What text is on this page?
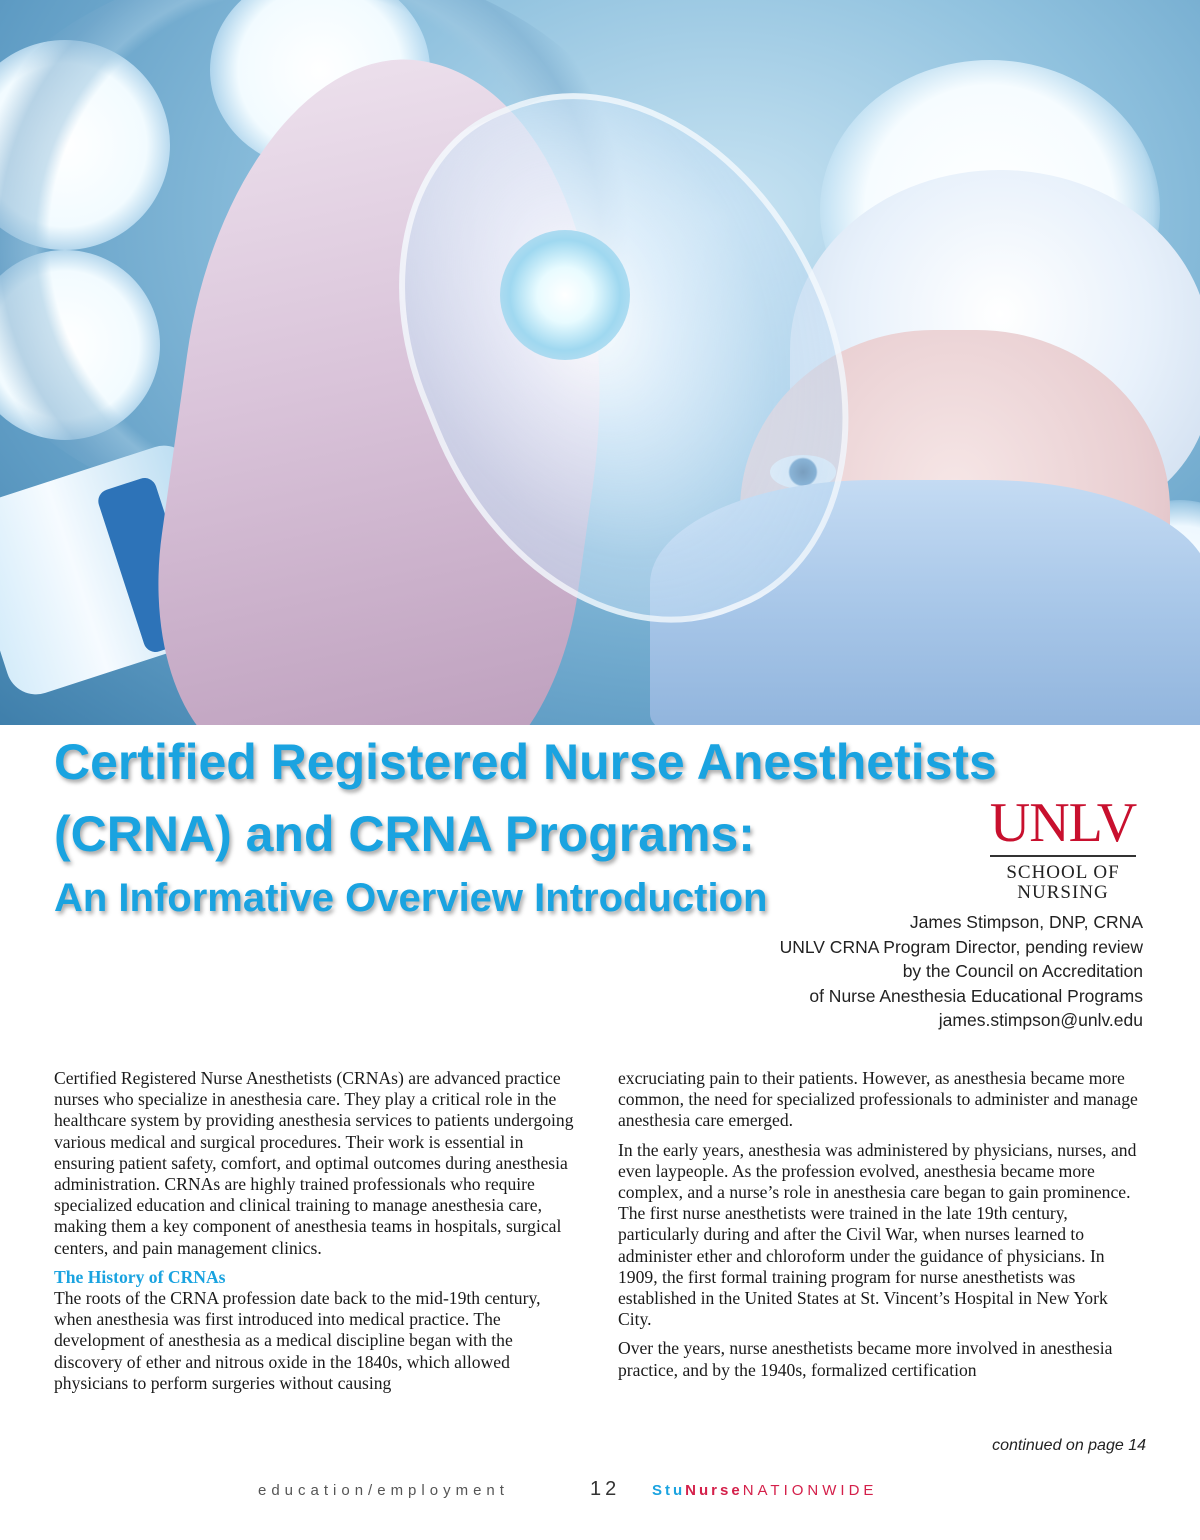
Certified Registered Nurse Anesthetists
(CRNA) and CRNA Programs:
An Informative Overview Introduction
UNLV
SCHOOL OF
NURSING
James Stimpson, DNP, CRNA
UNLV CRNA Program Director, pending review
by the Council on Accreditation
of Nurse Anesthesia Educational Programs
james.stimpson@unlv.edu

Certified Registered Nurse Anesthetists (CRNAs) are advanced practice nurses who specialize in anesthesia care. They play a critical role in the healthcare system by providing anesthesia services to patients undergoing various medical and surgical procedures. Their work is essential in ensuring patient safety, comfort, and optimal outcomes during anesthesia administration. CRNAs are highly trained professionals who require specialized education and clinical training to manage anesthesia care, making them a key component of anesthesia teams in hospitals, surgical centers, and pain management clinics.

The History of CRNAs

The roots of the CRNA profession date back to the mid-19th century, when anesthesia was first introduced into medical practice. The development of anesthesia as a medical discipline began with the discovery of ether and nitrous oxide in the 1840s, which allowed physicians to perform surgeries without causing

excruciating pain to their patients. However, as anesthesia became more common, the need for specialized professionals to administer and manage anesthesia care emerged.

In the early years, anesthesia was administered by physicians, nurses, and even laypeople. As the profession evolved, anesthesia became more complex, and a nurse’s role in anesthesia care began to gain prominence. The first nurse anesthetists were trained in the late 19th century, particularly during and after the Civil War, when nurses learned to administer ether and chloroform under the guidance of physicians. In 1909, the first formal training program for nurse anesthetists was established in the United States at St. Vincent’s Hospital in New York City.

Over the years, nurse anesthetists became more involved in anesthesia practice, and by the 1940s, formalized certification

continued on page 14
education/employment	12 StuNurseNATIONWIDE
